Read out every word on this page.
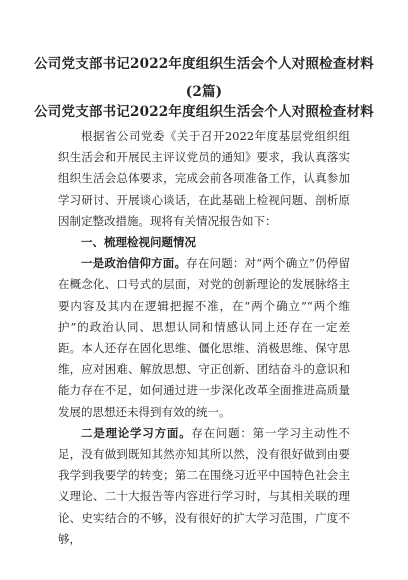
公司党支部书记2022年度组织生活会个人对照检查材料
(2篇)
公司党支部书记2022年度组织生活会个人对照检查材料

根据省公司党委《关于召开2022年度基层党组织组织生活会和开展民主评议党员的通知》要求，我认真落实组织生活会总体要求，完成会前各项准备工作，认真参加学习研讨、开展谈心谈话，在此基础上检视问题、剖析原因制定整改措施。现将有关情况报告如下：

一、梳理检视问题情况

一是政治信仰方面。存在问题：对“两个确立”仍停留在概念化、口号式的层面，对党的创新理论的发展脉络主要内容及其内在逻辑把握不准，在“两个确立”“两个维护”的政治认同、思想认同和情感认同上还存在一定差距。本人还存在固化思维、僵化思维、消极思维、保守思维，应对困难、解放思想、守正创新、团结奋斗的意识和能力存在不足，如何通过进一步深化改革全面推进高质量发展的思想还未得到有效的统一。

二是理论学习方面。存在问题：第一学习主动性不足，没有做到既知其然亦知其所以然，没有很好做到由要我学到我要学的转变；第二在围绕习近平中国特色社会主义理论、二十大报告等内容进行学习时，与其相关联的理论、史实结合的不够，没有很好的扩大学习范围，广度不够，
